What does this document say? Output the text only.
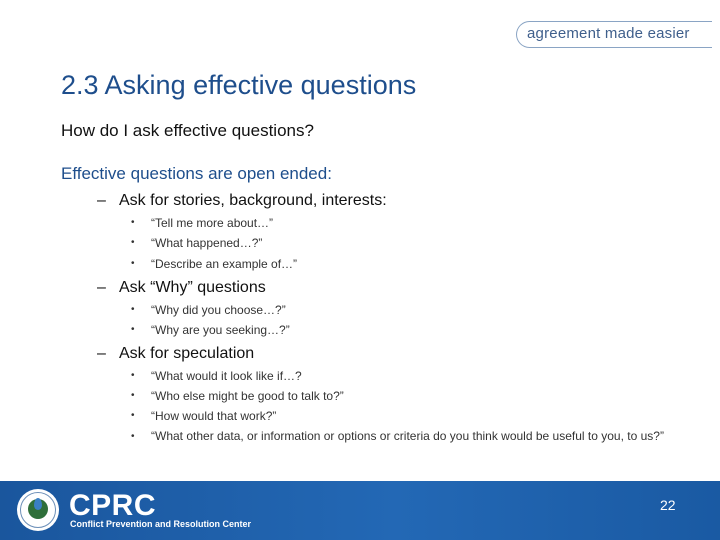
agreement made easier
2.3 Asking effective questions
How do I ask effective questions?
Effective questions are open ended:
– Ask for stories, background, interests:
• “Tell me more about…”
• “What happened…?”
• “Describe an example of…”
– Ask “Why” questions
• “Why did you choose…?”
• “Why are you seeking…?”
– Ask for speculation
• “What would it look like if…?
• “Who else might be good to talk to?”
• “How would that work?”
• “What other data, or information or options or criteria do you think would be useful to you, to us?”
CPRC
Conflict Prevention and Resolution Center
22
